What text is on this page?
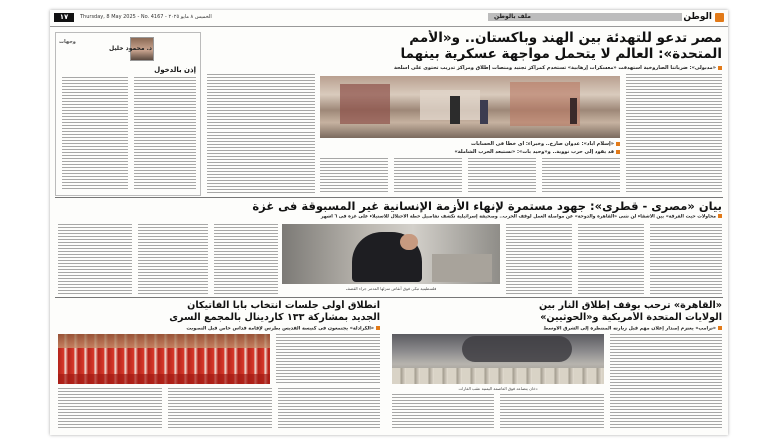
الوطن
ملف بالوطن
الخميس ٨ مايو ٢٠٢٥ - Thursday, 8 May 2025 - No. 4167
١٧
وجهات
د. محمود خليل
إذن بالدخول
مصر تدعو للتهدئة بين الهند وباكستان.. و«الأمم
المتحدة»: العالم لا يتحمل مواجهة عسكرية بينهما
«مدبولى»: ضرباتنا الصاروخية استهدفت «معسكرات إرهابية» تستخدم كمراكز تجنيد ومنصات إطلاق ومراكز تدريب تحتوى على أسلحة
«إسلام آباد»: عدوان صارخ.. وخبراء: أى خطأ فى الحسابات
قد يقود إلى حرب نووية.. و«وحيد بات»: «نستبعد الحرب الشاملة»
بيان «مصرى - قطرى»: جهود مستمرة لإنهاء الأزمة الإنسانية غير المسبوقة فى غزة
محاولات حيث الفرقة» بين الأشقاء لن تثنى «القاهرة والدوحة» عن مواصلة العمل لوقف الحرب.. وصحيفة إسرائيلية تكشف تفاصيل خطة الاحتلال للاستيلاء على غزة فى ٦ أشهر
فلسطينية تبكى فوق أنقاض منزلها المدمر جراء القصف
انطلاق أولى جلسات انتخاب بابا الفاتيكان
الجديد بمشاركة ١٣٣ كاردينال بالمجمع السرى
«الكرادلة» يجتمعون فى كنيسة القديس بطرس لإقامة قداس خاص قبل التصويت
«القاهرة» ترحب بوقف إطلاق النار بين
الولايات المتحدة الأمريكية و«الحوثيين»
«ترامب» يعتزم إصدار إعلان مهم قبل زيارته المنتظرة إلى الشرق الأوسط
دخان يتصاعد فوق العاصمة اليمنية عقب الغارات
